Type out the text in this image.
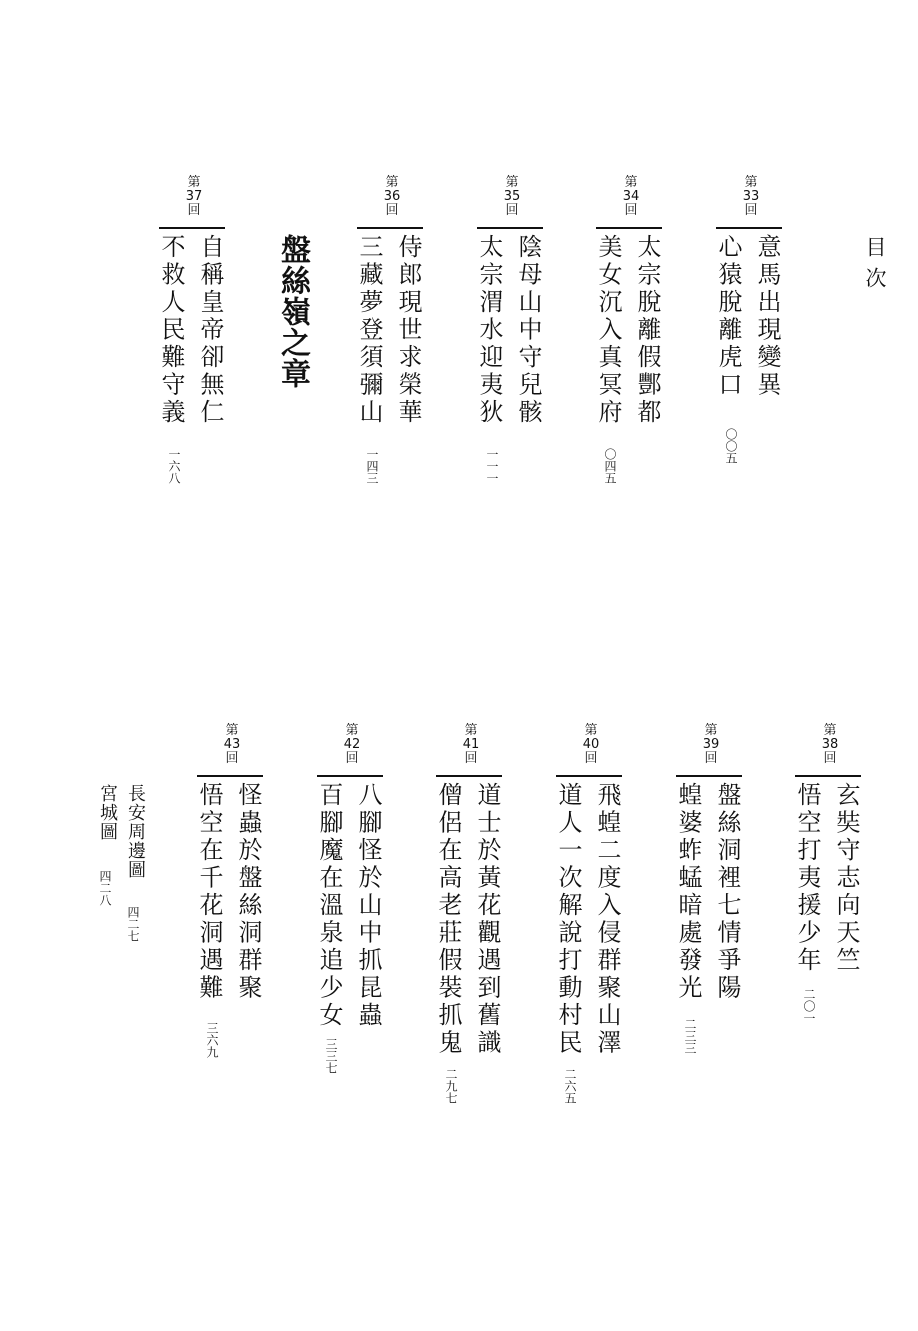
目次
第
33
回
意馬出現變異
心猿脫離虎口
〇〇五
第
34
回
太宗脫離假酆都
美女沉入真冥府
〇四五
第
35
回
陰母山中守兒骸
太宗渭水迎夷狄
一一一
第
36
回
侍郎現世求榮華
三藏夢登須彌山
一四三
盤絲嶺之章
第
37
回
自稱皇帝卻無仁
不救人民難守義
一六八
第
38
回
玄奘守志向天竺
悟空打夷援少年
二〇一
第
39
回
盤絲洞裡七情爭陽
蝗婆蚱蜢暗處發光
二三三
第
40
回
飛蝗二度入侵群聚山澤
道人一次解說打動村民
二六五
第
41
回
道士於黃花觀遇到舊識
僧侶在高老莊假裝抓鬼
二九七
第
42
回
八腳怪於山中抓昆蟲
百腳魔在溫泉追少女
三三七
第
43
回
怪蟲於盤絲洞群聚
悟空在千花洞遇難
三六九
長安周邊圖
四二七
宮城圖
四二八
